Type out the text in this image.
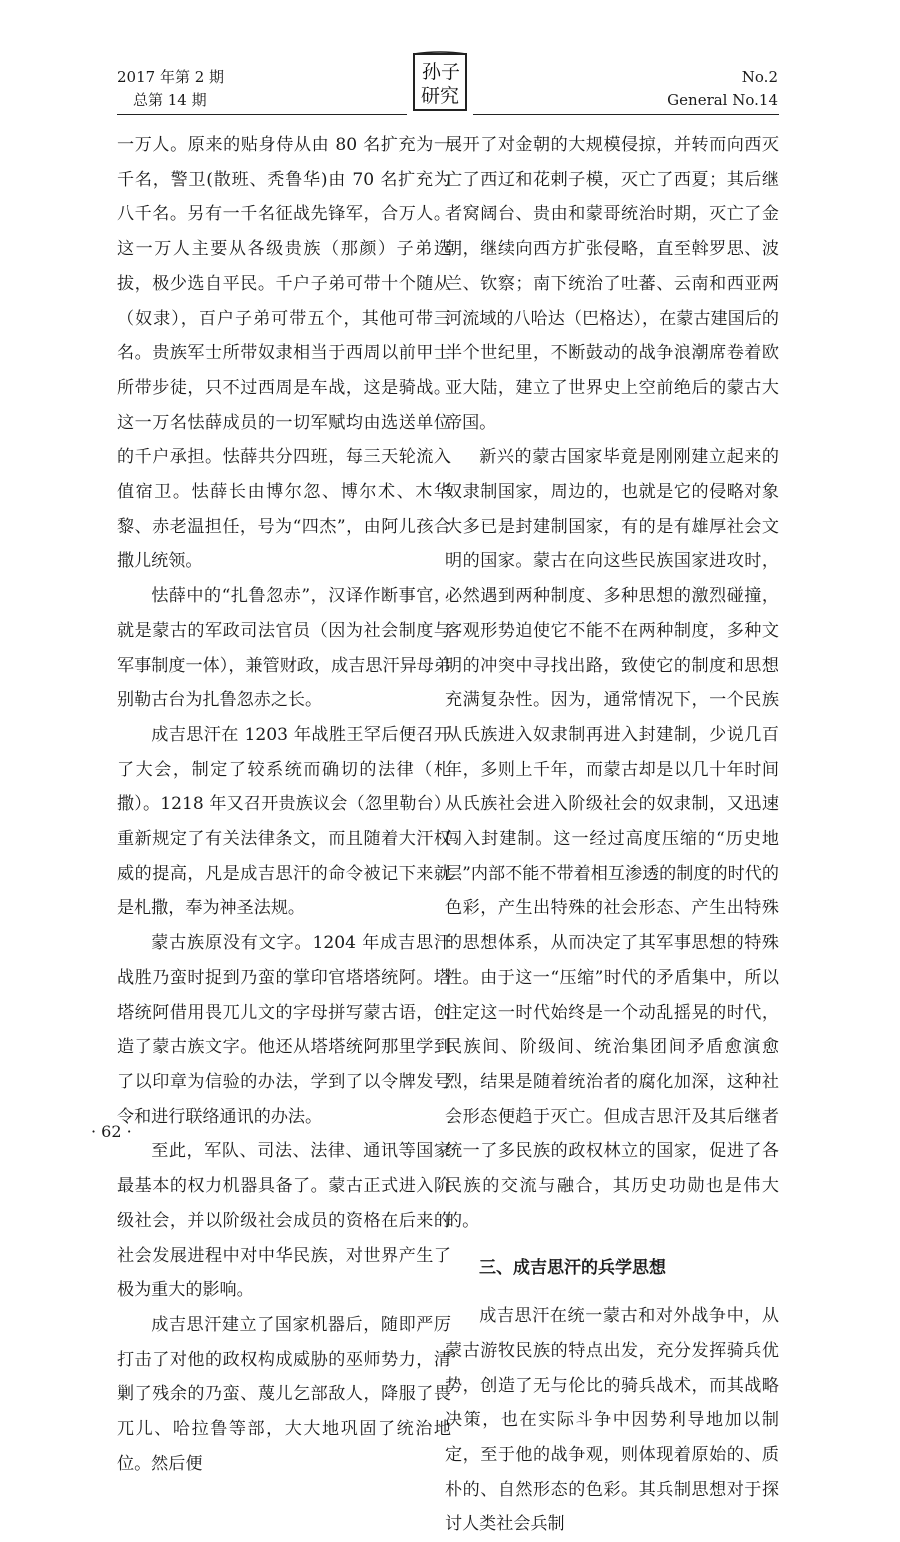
2017 年第 2 期
总第 14 期
孙子
研究
No.2
General No.14

一万人。原来的贴身侍从由 80 名扩充为一千名，警卫(散班、秃鲁华)由 70 名扩充为八千名。另有一千名征战先锋军，合万人。这一万人主要从各级贵族（那颜）子弟选拔，极少选自平民。千户子弟可带十个随从（奴隶），百户子弟可带五个，其他可带三名。贵族军士所带奴隶相当于西周以前甲士所带步徒，只不过西周是车战，这是骑战。这一万名怯薛成员的一切军赋均由选送单位的千户承担。怯薛共分四班，每三天轮流入值宿卫。怯薛长由博尔忽、博尔术、木华黎、赤老温担任，号为“四杰”，由阿儿孩合撒儿统领。

怯薛中的“扎鲁忽赤”，汉译作断事官，就是蒙古的军政司法官员（因为社会制度与军事制度一体），兼管财政，成吉思汗异母弟别勒古台为扎鲁忽赤之长。

成吉思汗在 1203 年战胜王罕后便召开了大会，制定了较系统而确切的法律（札撒）。1218 年又召开贵族议会（忽里勒台）重新规定了有关法律条文，而且随着大汗权威的提高，凡是成吉思汗的命令被记下来就是札撒，奉为神圣法规。

蒙古族原没有文字。1204 年成吉思汗战胜乃蛮时捉到乃蛮的掌印官塔塔统阿。塔塔统阿借用畏兀儿文的字母拼写蒙古语，创造了蒙古族文字。他还从塔塔统阿那里学到了以印章为信验的办法，学到了以令牌发号令和进行联络通讯的办法。

至此，军队、司法、法律、通讯等国家最基本的权力机器具备了。蒙古正式进入阶级社会，并以阶级社会成员的资格在后来的社会发展进程中对中华民族，对世界产生了极为重大的影响。

成吉思汗建立了国家机器后，随即严厉打击了对他的政权构成威胁的巫师势力，清剿了残余的乃蛮、蔑儿乞部敌人，降服了畏兀儿、哈拉鲁等部，大大地巩固了统治地位。然后便

展开了对金朝的大规模侵掠，并转而向西灭亡了西辽和花剌子模，灭亡了西夏；其后继者窝阔台、贵由和蒙哥统治时期，灭亡了金朝，继续向西方扩张侵略，直至斡罗思、波兰、钦察；南下统治了吐蕃、云南和西亚两河流域的八哈达（巴格达），在蒙古建国后的半个世纪里，不断鼓动的战争浪潮席卷着欧亚大陆，建立了世界史上空前绝后的蒙古大帝国。

新兴的蒙古国家毕竟是刚刚建立起来的奴隶制国家，周边的，也就是它的侵略对象大多已是封建制国家，有的是有雄厚社会文明的国家。蒙古在向这些民族国家进攻时，必然遇到两种制度、多种思想的激烈碰撞，客观形势迫使它不能不在两种制度，多种文明的冲突中寻找出路，致使它的制度和思想充满复杂性。因为，通常情况下，一个民族从氏族进入奴隶制再进入封建制，少说几百年，多则上千年，而蒙古却是以几十年时间从氏族社会进入阶级社会的奴隶制，又迅速闯入封建制。这一经过高度压缩的“历史地层”内部不能不带着相互渗透的制度的时代的色彩，产生出特殊的社会形态、产生出特殊的思想体系，从而决定了其军事思想的特殊性。由于这一“压缩”时代的矛盾集中，所以注定这一时代始终是一个动乱摇晃的时代，民族间、阶级间、统治集团间矛盾愈演愈烈，结果是随着统治者的腐化加深，这种社会形态便趋于灭亡。但成吉思汗及其后继者统一了多民族的政权林立的国家，促进了各民族的交流与融合，其历史功勋也是伟大的。

三、成吉思汗的兵学思想

成吉思汗在统一蒙古和对外战争中，从蒙古游牧民族的特点出发，充分发挥骑兵优势，创造了无与伦比的骑兵战术，而其战略决策，也在实际斗争中因势利导地加以制定，至于他的战争观，则体现着原始的、质朴的、自然形态的色彩。其兵制思想对于探讨人类社会兵制

· 62 ·
